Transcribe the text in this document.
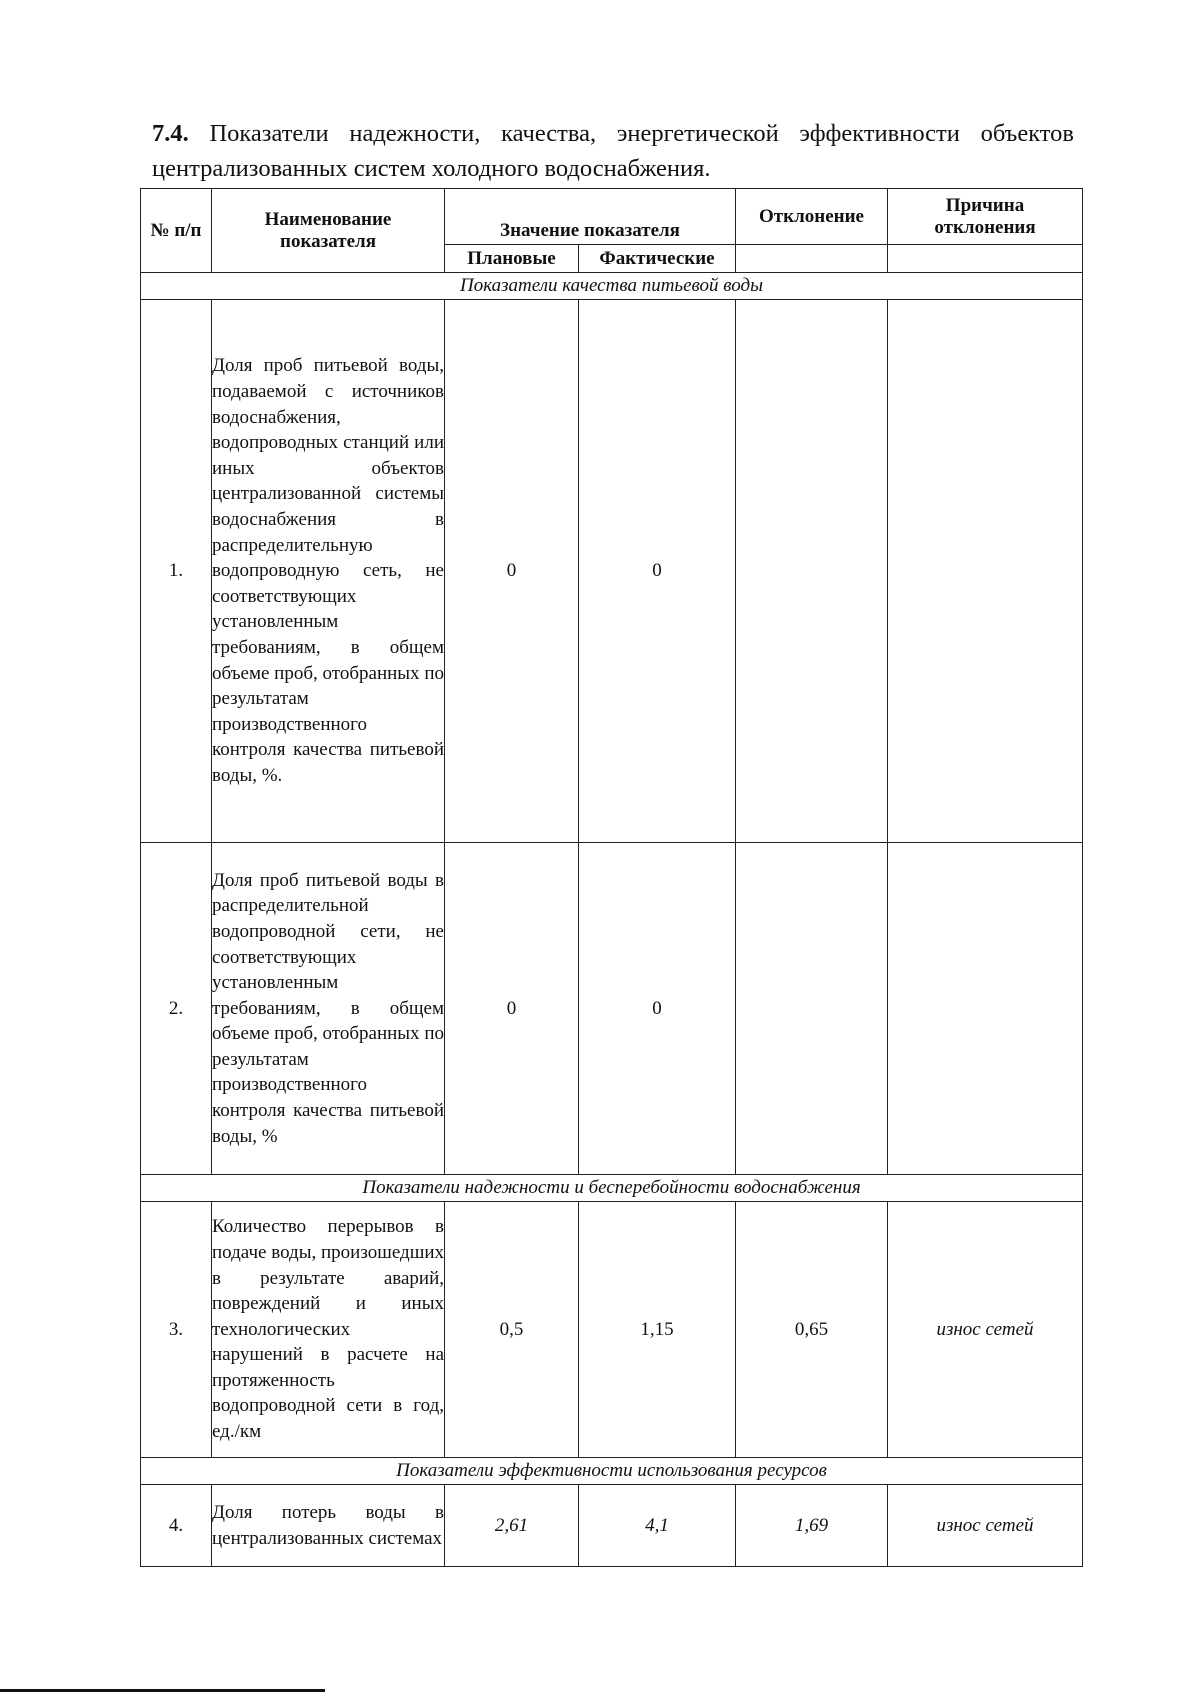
7.4. Показатели надежности, качества, энергетической эффективности объектов централизованных систем холодного водоснабжения.
№ п/п	Наименование показателя	Значение показателя		Отклонение	Причина отклонения
		Плановые	Фактические		
Показатели качества питьевой воды					
1.	Доля проб питьевой воды, подаваемой с источников водоснабжения, водопроводных станций или иных объектов централизованной системы водоснабжения в распределительную водопроводную сеть, не соответствующих установленным требованиям, в общем объеме проб, отобранных по результатам производственного контроля качества питьевой воды, %.	0	0		
2.	Доля проб питьевой воды в распределительной водопроводной сети, не соответствующих установленным требованиям, в общем объеме проб, отобранных по результатам производственного контроля качества питьевой воды, %	0	0		
Показатели надежности и бесперебойности водоснабжения					
3.	Количество перерывов в подаче воды, произошедших в результате аварий, повреждений и иных технологических нарушений в расчете на протяженность водопроводной сети в год, ед./км	0,5	1,15	0,65	износ сетей
Показатели эффективности использования ресурсов					
4.	Доля потерь воды в централизованных системах	2,61	4,1	1,69	износ сетей
